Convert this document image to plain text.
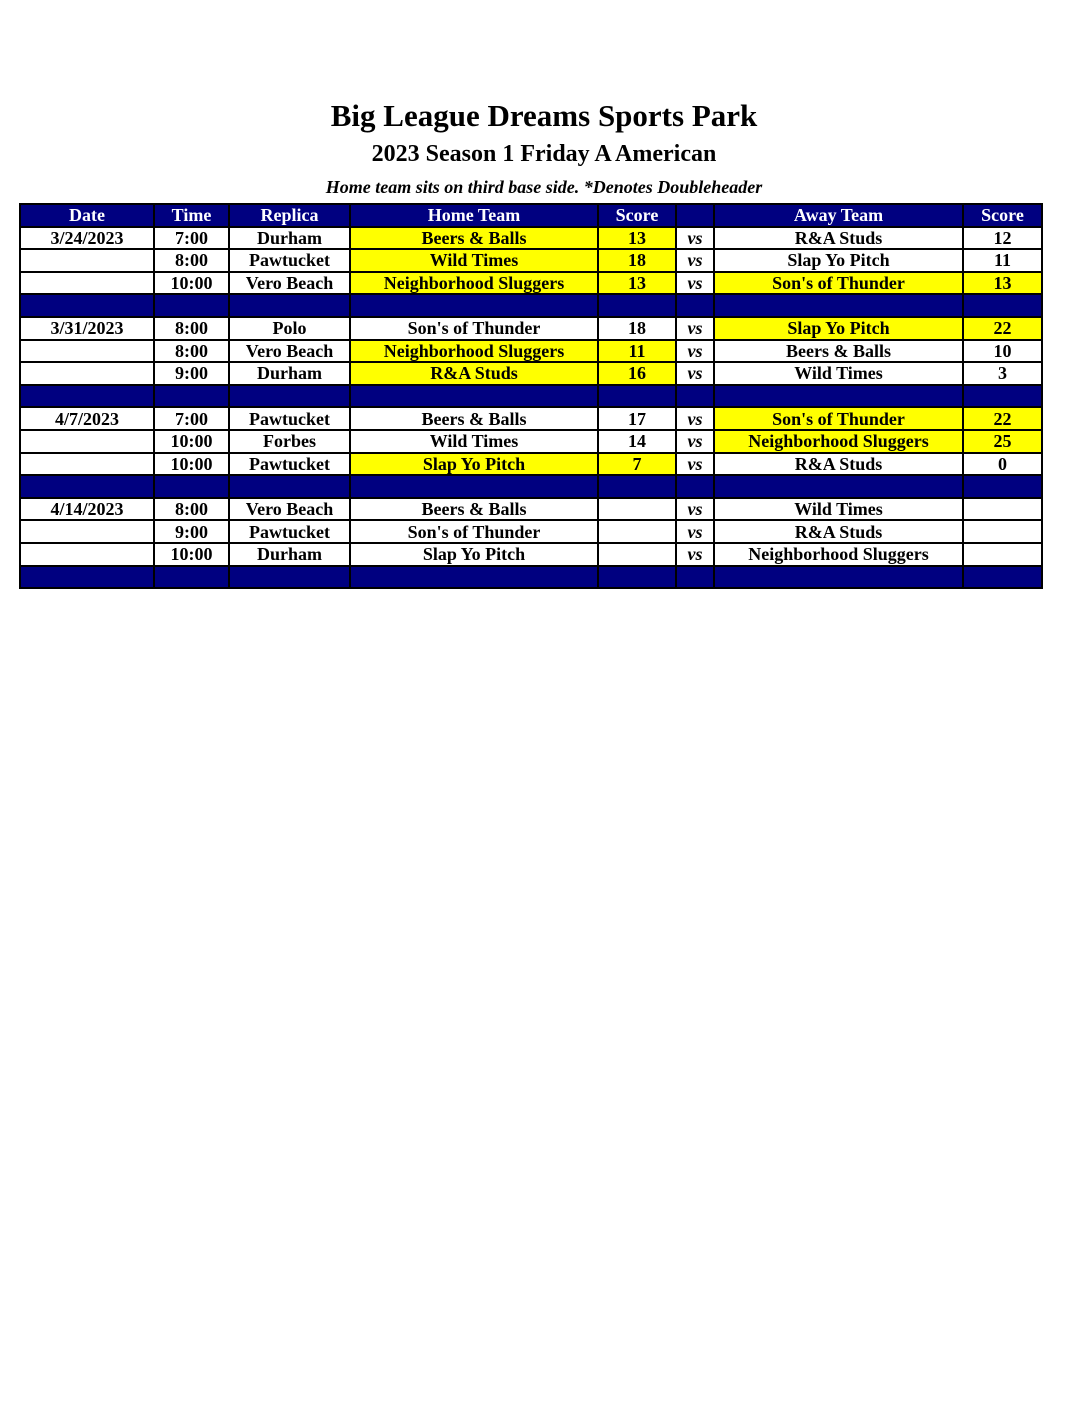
Big League Dreams Sports Park
2023 Season 1 Friday A American
Home team sits on third base side. *Denotes Doubleheader
Date	Time	Replica	Home Team	Score		Away Team	Score
3/24/2023	7:00	Durham	Beers & Balls	13	vs	R&A Studs	12
	8:00	Pawtucket	Wild Times	18	vs	Slap Yo Pitch	11
	10:00	Vero Beach	Neighborhood Sluggers	13	vs	Son's of Thunder	13

3/31/2023	8:00	Polo	Son's of Thunder	18	vs	Slap Yo Pitch	22
	8:00	Vero Beach	Neighborhood Sluggers	11	vs	Beers & Balls	10
	9:00	Durham	R&A Studs	16	vs	Wild Times	3

4/7/2023	7:00	Pawtucket	Beers & Balls	17	vs	Son's of Thunder	22
	10:00	Forbes	Wild Times	14	vs	Neighborhood Sluggers	25
	10:00	Pawtucket	Slap Yo Pitch	7	vs	R&A Studs	0

4/14/2023	8:00	Vero Beach	Beers & Balls		vs	Wild Times	
	9:00	Pawtucket	Son's of Thunder		vs	R&A Studs	
	10:00	Durham	Slap Yo Pitch		vs	Neighborhood Sluggers	
